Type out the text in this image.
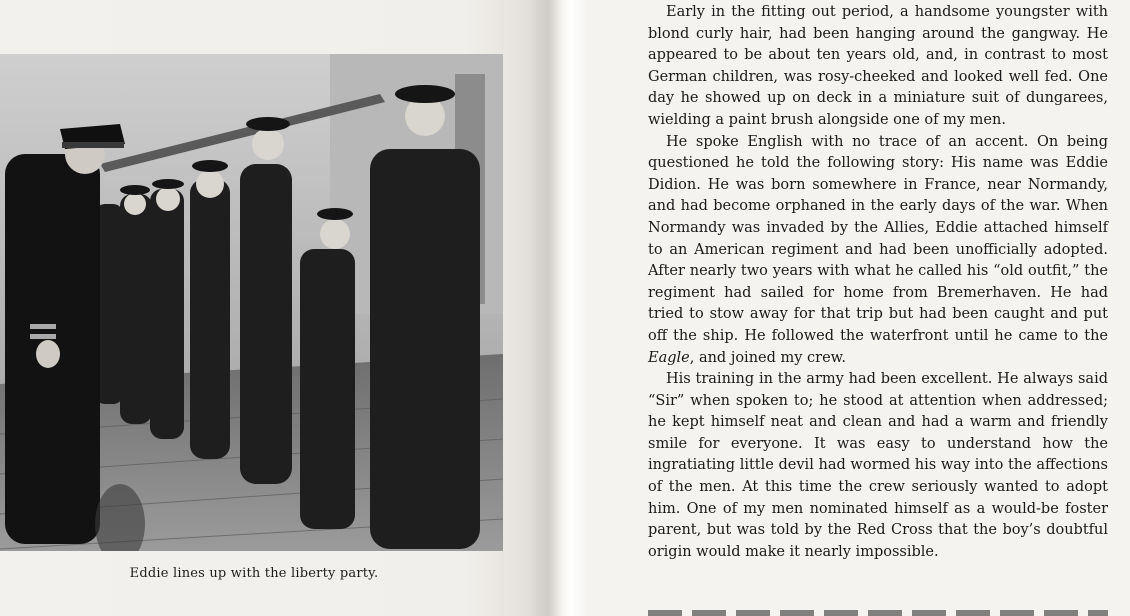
Eddie lines up with the liberty party.

Early in the fitting out period, a handsome youngster with blond curly hair, had been hanging around the gangway. He appeared to be about ten years old, and, in contrast to most German children, was rosy-cheeked and looked well fed. One day he showed up on deck in a miniature suit of dungarees, wielding a paint brush alongside one of my men.

He spoke English with no trace of an accent. On being questioned he told the following story: His name was Eddie Didion. He was born somewhere in France, near Normandy, and had become orphaned in the early days of the war. When Normandy was invaded by the Allies, Eddie attached himself to an American regiment and had been unofficially adopted. After nearly two years with what he called his “old outfit,” the regiment had sailed for home from Bremerhaven. He had tried to stow away for that trip but had been caught and put off the ship. He followed the waterfront until he came to the Eagle, and joined my crew.

His training in the army had been excellent. He always said “Sir” when spoken to; he stood at attention when addressed; he kept himself neat and clean and had a warm and friendly smile for everyone. It was easy to understand how the ingratiating little devil had wormed his way into the affections of the men. At this time the crew seriously wanted to adopt him. One of my men nominated himself as a would-be foster parent, but was told by the Red Cross that the boy’s doubtful origin would make it nearly impossible.
